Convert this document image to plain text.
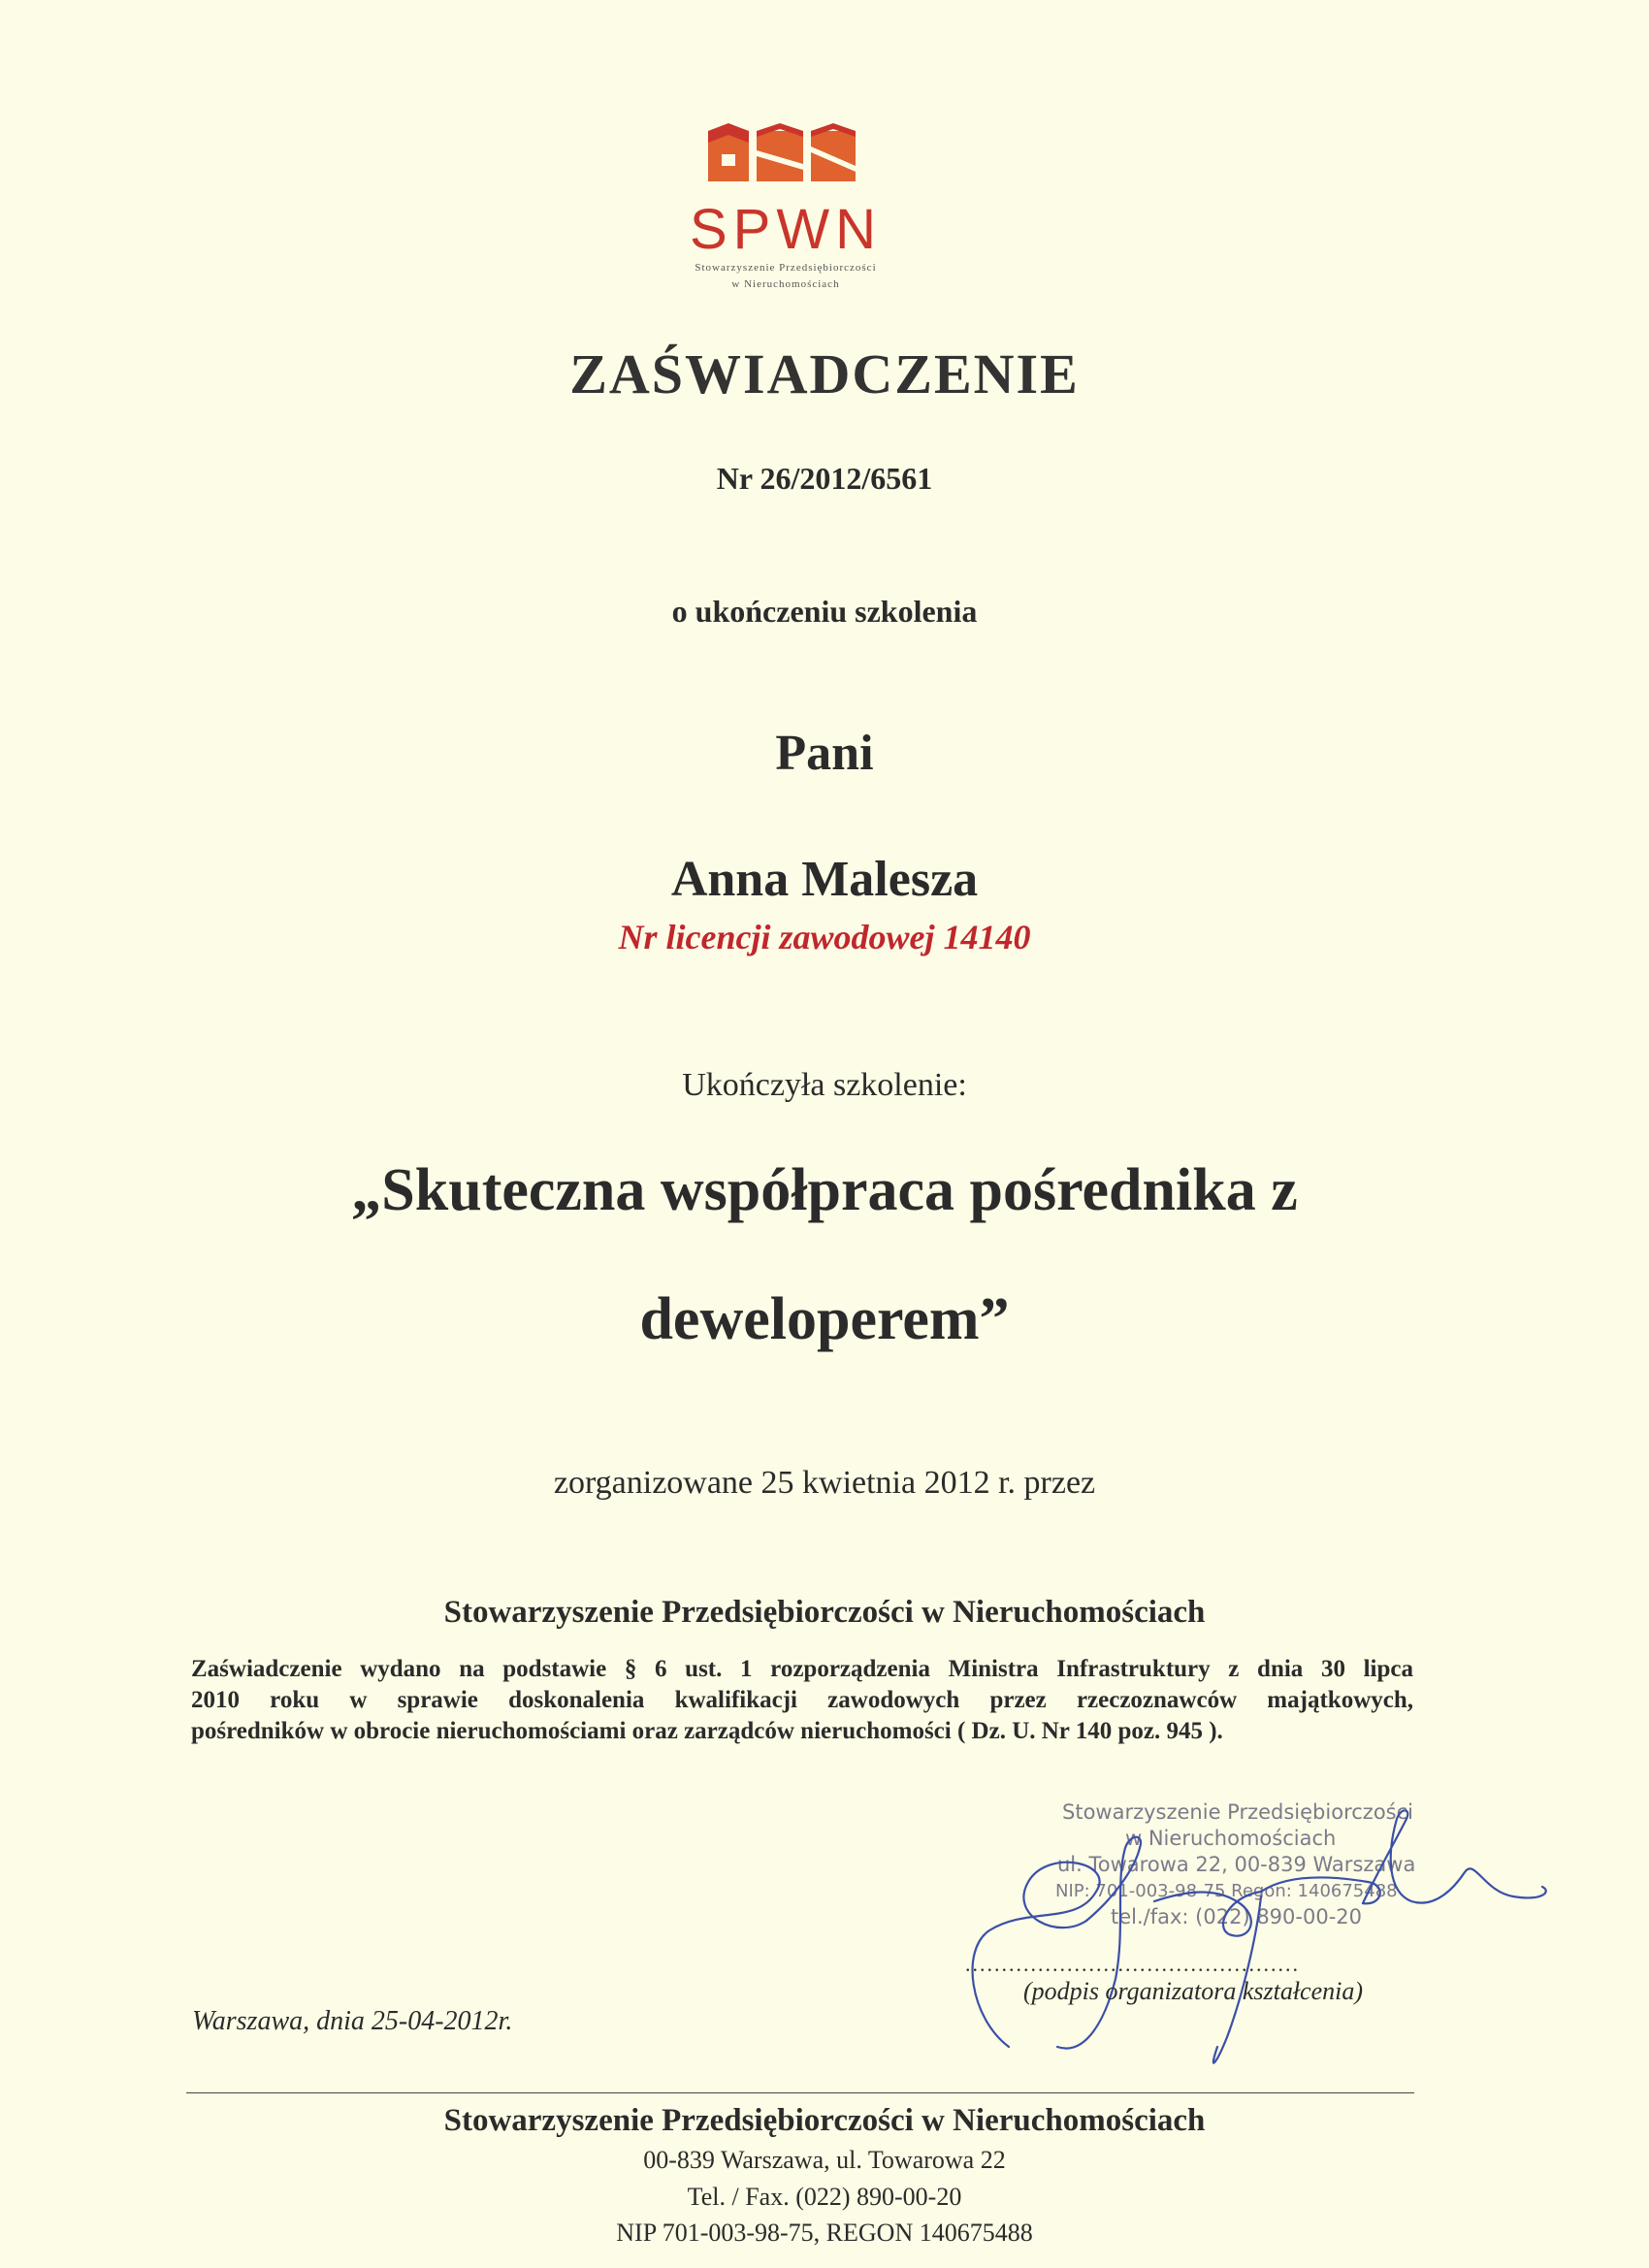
SPWN
Stowarzyszenie Przedsiębiorczości
w Nieruchomościach
ZAŚWIADCZENIE
Nr 26/2012/6561
o ukończeniu szkolenia
Pani
Anna Malesza
Nr licencji zawodowej 14140
Ukończyła szkolenie:
„Skuteczna współpraca pośrednika z
deweloperem”
zorganizowane 25 kwietnia 2012 r. przez
Stowarzyszenie Przedsiębiorczości w Nieruchomościach
Zaświadczenie wydano na podstawie § 6 ust. 1 rozporządzenia Ministra Infrastruktury z dnia 30 lipca
2010 roku w sprawie doskonalenia kwalifikacji zawodowych przez rzeczoznawców majątkowych,
pośredników w obrocie nieruchomościami oraz zarządców nieruchomości ( Dz. U. Nr 140 poz. 945 ).
Stowarzyszenie Przedsiębiorczości
w Nieruchomościach
ul. Towarowa 22, 00-839 Warszawa
NIP: 701-003-98-75 Regon: 140675488
tel./fax: (022) 890-00-20
..............................................
(podpis organizatora kształcenia)
Warszawa, dnia 25-04-2012r.
Stowarzyszenie Przedsiębiorczości w Nieruchomościach
00-839 Warszawa, ul. Towarowa 22
Tel. / Fax. (022) 890-00-20
NIP 701-003-98-75, REGON 140675488
